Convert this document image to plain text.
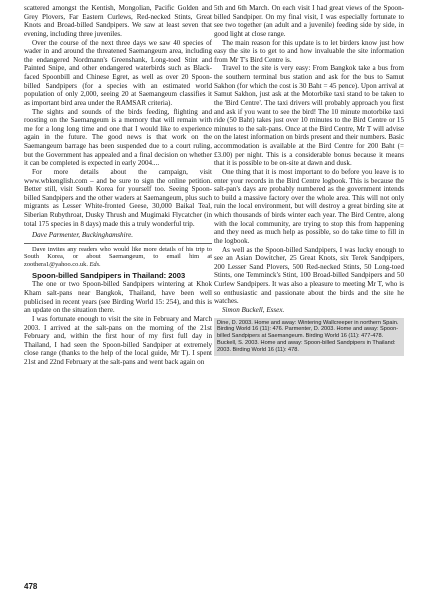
scattered amongst the Kentish, Mongolian, Pacific Golden and Grey Plovers, Far Eastern Curlews, Red-necked Stints, Great Knots and Broad-billed Sandpipers. We saw at least seven that evening, including three juveniles.

Over the course of the next three days we saw 40 species of wader in and around the threatened Saemangeum area, including the endangered Nordmann's Greenshank, Long-toed Stint and Painted Snipe, and other endangered waterbirds such as Black-faced Spoonbill and Chinese Egret, as well as over 20 Spoon-billed Sandpipers (for a species with an estimated world population of only 2,000, seeing 20 at Saemangeum classifies it as important bird area under the RAMSAR criteria).

The sights and sounds of the birds feeding, flighting and roosting on the Saemangeum is a memory that will remain with me for a long long time and one that I would like to experience again in the future. The good news is that work on the Saemangeum barrage has been suspended due to a court ruling, but the Government has appealed and a final decision on whether it can be completed is expected in early 2004....

For more details about the campaign, visit www.wbkenglish.com – and be sure to sign the online petition. Better still, visit South Korea for yourself too. Seeing Spoon-billed Sandpipers and the other waders at Saemangeum, plus such migrants as Lesser White-fronted Geese, 30,000 Baikal Teal, Siberian Rubythroat, Dusky Thrush and Mugimaki Flycatcher (in total 175 species in 8 days) made this a truly wonderful trip.

Dave Parmenter, Buckinghamshire.

Dave invites any readers who would like more details of his trip to South Korea, or about Saemangeum, to email him at zoothera1@yahoo.co.uk. Eds.

Spoon-billed Sandpipers in Thailand: 2003

The one or two Spoon-billed Sandpipers wintering at Khok Kham salt-pans near Bangkok, Thailand, have been well publicised in recent years (see Birding World 15: 254), and this is an update on the situation there.

I was fortunate enough to visit the site in February and March 2003. I arrived at the salt-pans on the morning of the 21st February and, within the first hour of my first full day in Thailand, I had seen the Spoon-billed Sandpiper at extremely close range (thanks to the help of the local guide, Mr T). I spent 21st and 22nd February at the salt-pans and went back again on

5th and 6th March. On each visit I had great views of the Spoon-billed Sandpiper. On my final visit, I was especially fortunate to see two together (an adult and a juvenile) feeding side by side, in good light at close range.

The main reason for this update is to let birders know just how easy the site is to get to and how invaluable the site information from Mr T's Bird Centre is.

Travel to the site is very easy: From Bangkok take a bus from the southern terminal bus station and ask for the bus to Samut Sakhon (for which the cost is 30 Baht = 45 pence). Upon arrival at Samut Sakhon, just ask at the Motorbike taxi stand to be taken to the 'Bird Centre'. The taxi drivers will probably approach you first and ask if you want to see the bird! The 10 minute motorbike taxi ride (50 Baht) takes just over 10 minutes to the Bird Centre or 15 minutes to the salt-pans. Once at the Bird Centre, Mr T will advise on the latest information on birds present and their numbers. Basic accommodation is available at the Bird Centre for 200 Baht (= £3.00) per night. This is a considerable bonus because it means that it is possible to be on-site at dawn and dusk.

One thing that it is most important to do before you leave is to enter your records in the Bird Centre logbook. This is because the salt-pan's days are probably numbered as the government intends to build a massive factory over the whole area. This will not only ruin the local environment, but will destroy a great birding site at which thousands of birds winter each year. The Bird Centre, along with the local community, are trying to stop this from happening and they need as much help as possible, so do take time to fill in the logbook.

As well as the Spoon-billed Sandpipers, I was lucky enough to see an Asian Dowitcher, 25 Great Knots, six Terek Sandpipers, 200 Lesser Sand Plovers, 500 Red-necked Stints, 50 Long-toed Stints, one Temminck's Stint, 100 Broad-billed Sandpipers and 50 Curlew Sandpipers. It was also a pleasure to meeting Mr T, who is so enthusiastic and passionate about the birds and the site he watches.

Simon Buckell, Essex.

Dine, D. 2003. Home and away: Wintering Wallcreeper in northern Spain. Birding World 16 (11): 476. Parmenter, D. 2003. Home and away: Spoon-billed Sandpipers at Saemangeum. Birding World 16 (11): 477-478. Buckell, S. 2003. Home and away: Spoon-billed Sandpipers in Thailand: 2003. Birding World 16 (11): 478.
478
